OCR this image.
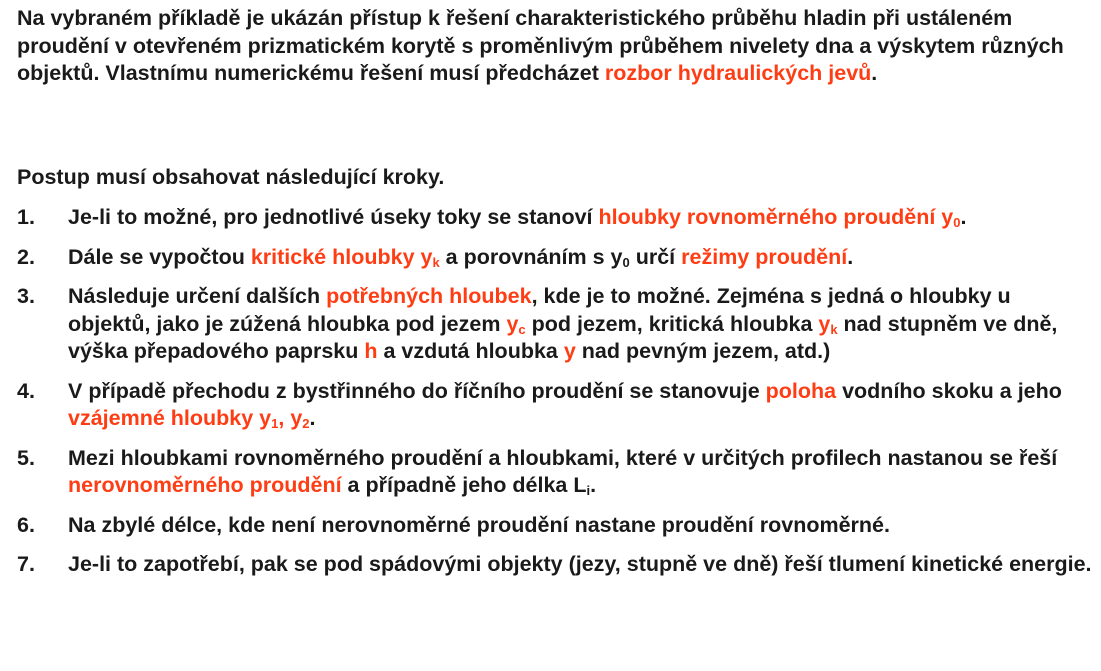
Na vybraném příkladě je ukázán přístup k řešení charakteristického průběhu hladin při ustáleném proudění v otevřeném prizmatickém korytě s proměnlivým průběhem nivelety dna a výskytem různých objektů. Vlastnímu numerickému řešení musí předcházet rozbor hydraulických jevů.

Postup musí obsahovat následující kroky.

1.	Je-li to možné, pro jednotlivé úseky toky se stanoví hloubky rovnoměrného proudění $y_0$.
2.	Dále se vypočtou kritické hloubky $y_k$ a porovnáním s $y_0$ určí režimy proudění.
3.	Následuje určení dalších potřebných hloubek, kde je to možné. Zejména s jedná o hloubky u objektů, jako je zúžená hloubka pod jezem $y_c$ pod jezem, kritická hloubka $y_k$ nad stupněm ve dně, výška přepadového paprsku h a vzdutá hloubka y nad pevným jezem, atd.)
4.	V případě přechodu z bystřinného do říčního proudění se stanovuje poloha vodního skoku a jeho vzájemné hloubky $y_1$, $y_2$.
5.	Mezi hloubkami rovnoměrného proudění a hloubkami, které v určitých profilech nastanou se řeší nerovnoměrného proudění a případně jeho délka $L_i$.
6.	Na zbylé délce, kde není nerovnoměrné proudění nastane proudění rovnoměrné.
7.	Je-li to zapotřebí, pak se pod spádovými objekty (jezy, stupně ve dně) řeší tlumení kinetické energie.
